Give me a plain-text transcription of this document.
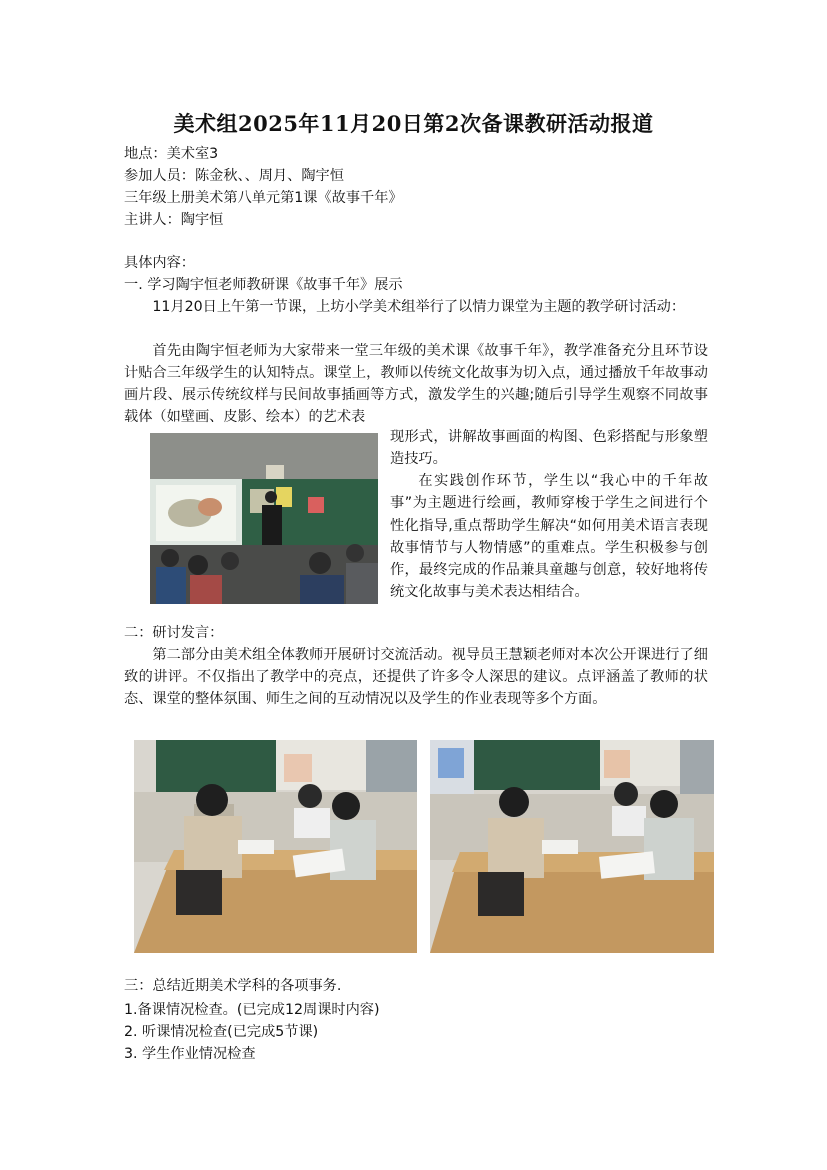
美术组2025年11月20日第2次备课教研活动报道
地点：美术室3
参加人员：陈金秋、、周月、陶宇恒
三年级上册美术第八单元第1课《故事千年》
主讲人：陶宇恒
具体内容：
一. 学习陶宇恒老师教研课《故事千年》展示
11月20日上午第一节课，上坊小学美术组举行了以情力课堂为主题的教学研讨活动：
首先由陶宇恒老师为大家带来一堂三年级的美术课《故事千年》，教学准备充分且环节设计贴合三年级学生的认知特点。课堂上，教师以传统文化故事为切入点，通过播放千年故事动画片段、展示传统纹样与民间故事插画等方式，激发学生的兴趣;随后引导学生观察不同故事载体（如壁画、皮影、绘本）的艺术表
现形式，讲解故事画面的构图、色彩搭配与形象塑造技巧。
在实践创作环节，学生以“我心中的千年故事”为主题进行绘画，教师穿梭于学生之间进行个性化指导,重点帮助学生解决“如何用美术语言表现故事情节与人物情感”的重难点。学生积极参与创作，最终完成的作品兼具童趣与创意，较好地将传统文化故事与美术表达相结合。
二：研讨发言：
第二部分由美术组全体教师开展研讨交流活动。视导员王慧颖老师对本次公开课进行了细致的讲评。不仅指出了教学中的亮点，还提供了许多令人深思的建议。点评涵盖了教师的状态、课堂的整体氛围、师生之间的互动情况以及学生的作业表现等多个方面。
三：总结近期美术学科的各项事务.
1.备课情况检查。(已完成12周课时内容)
2. 听课情况检查(已完成5节课)
3. 学生作业情况检查
